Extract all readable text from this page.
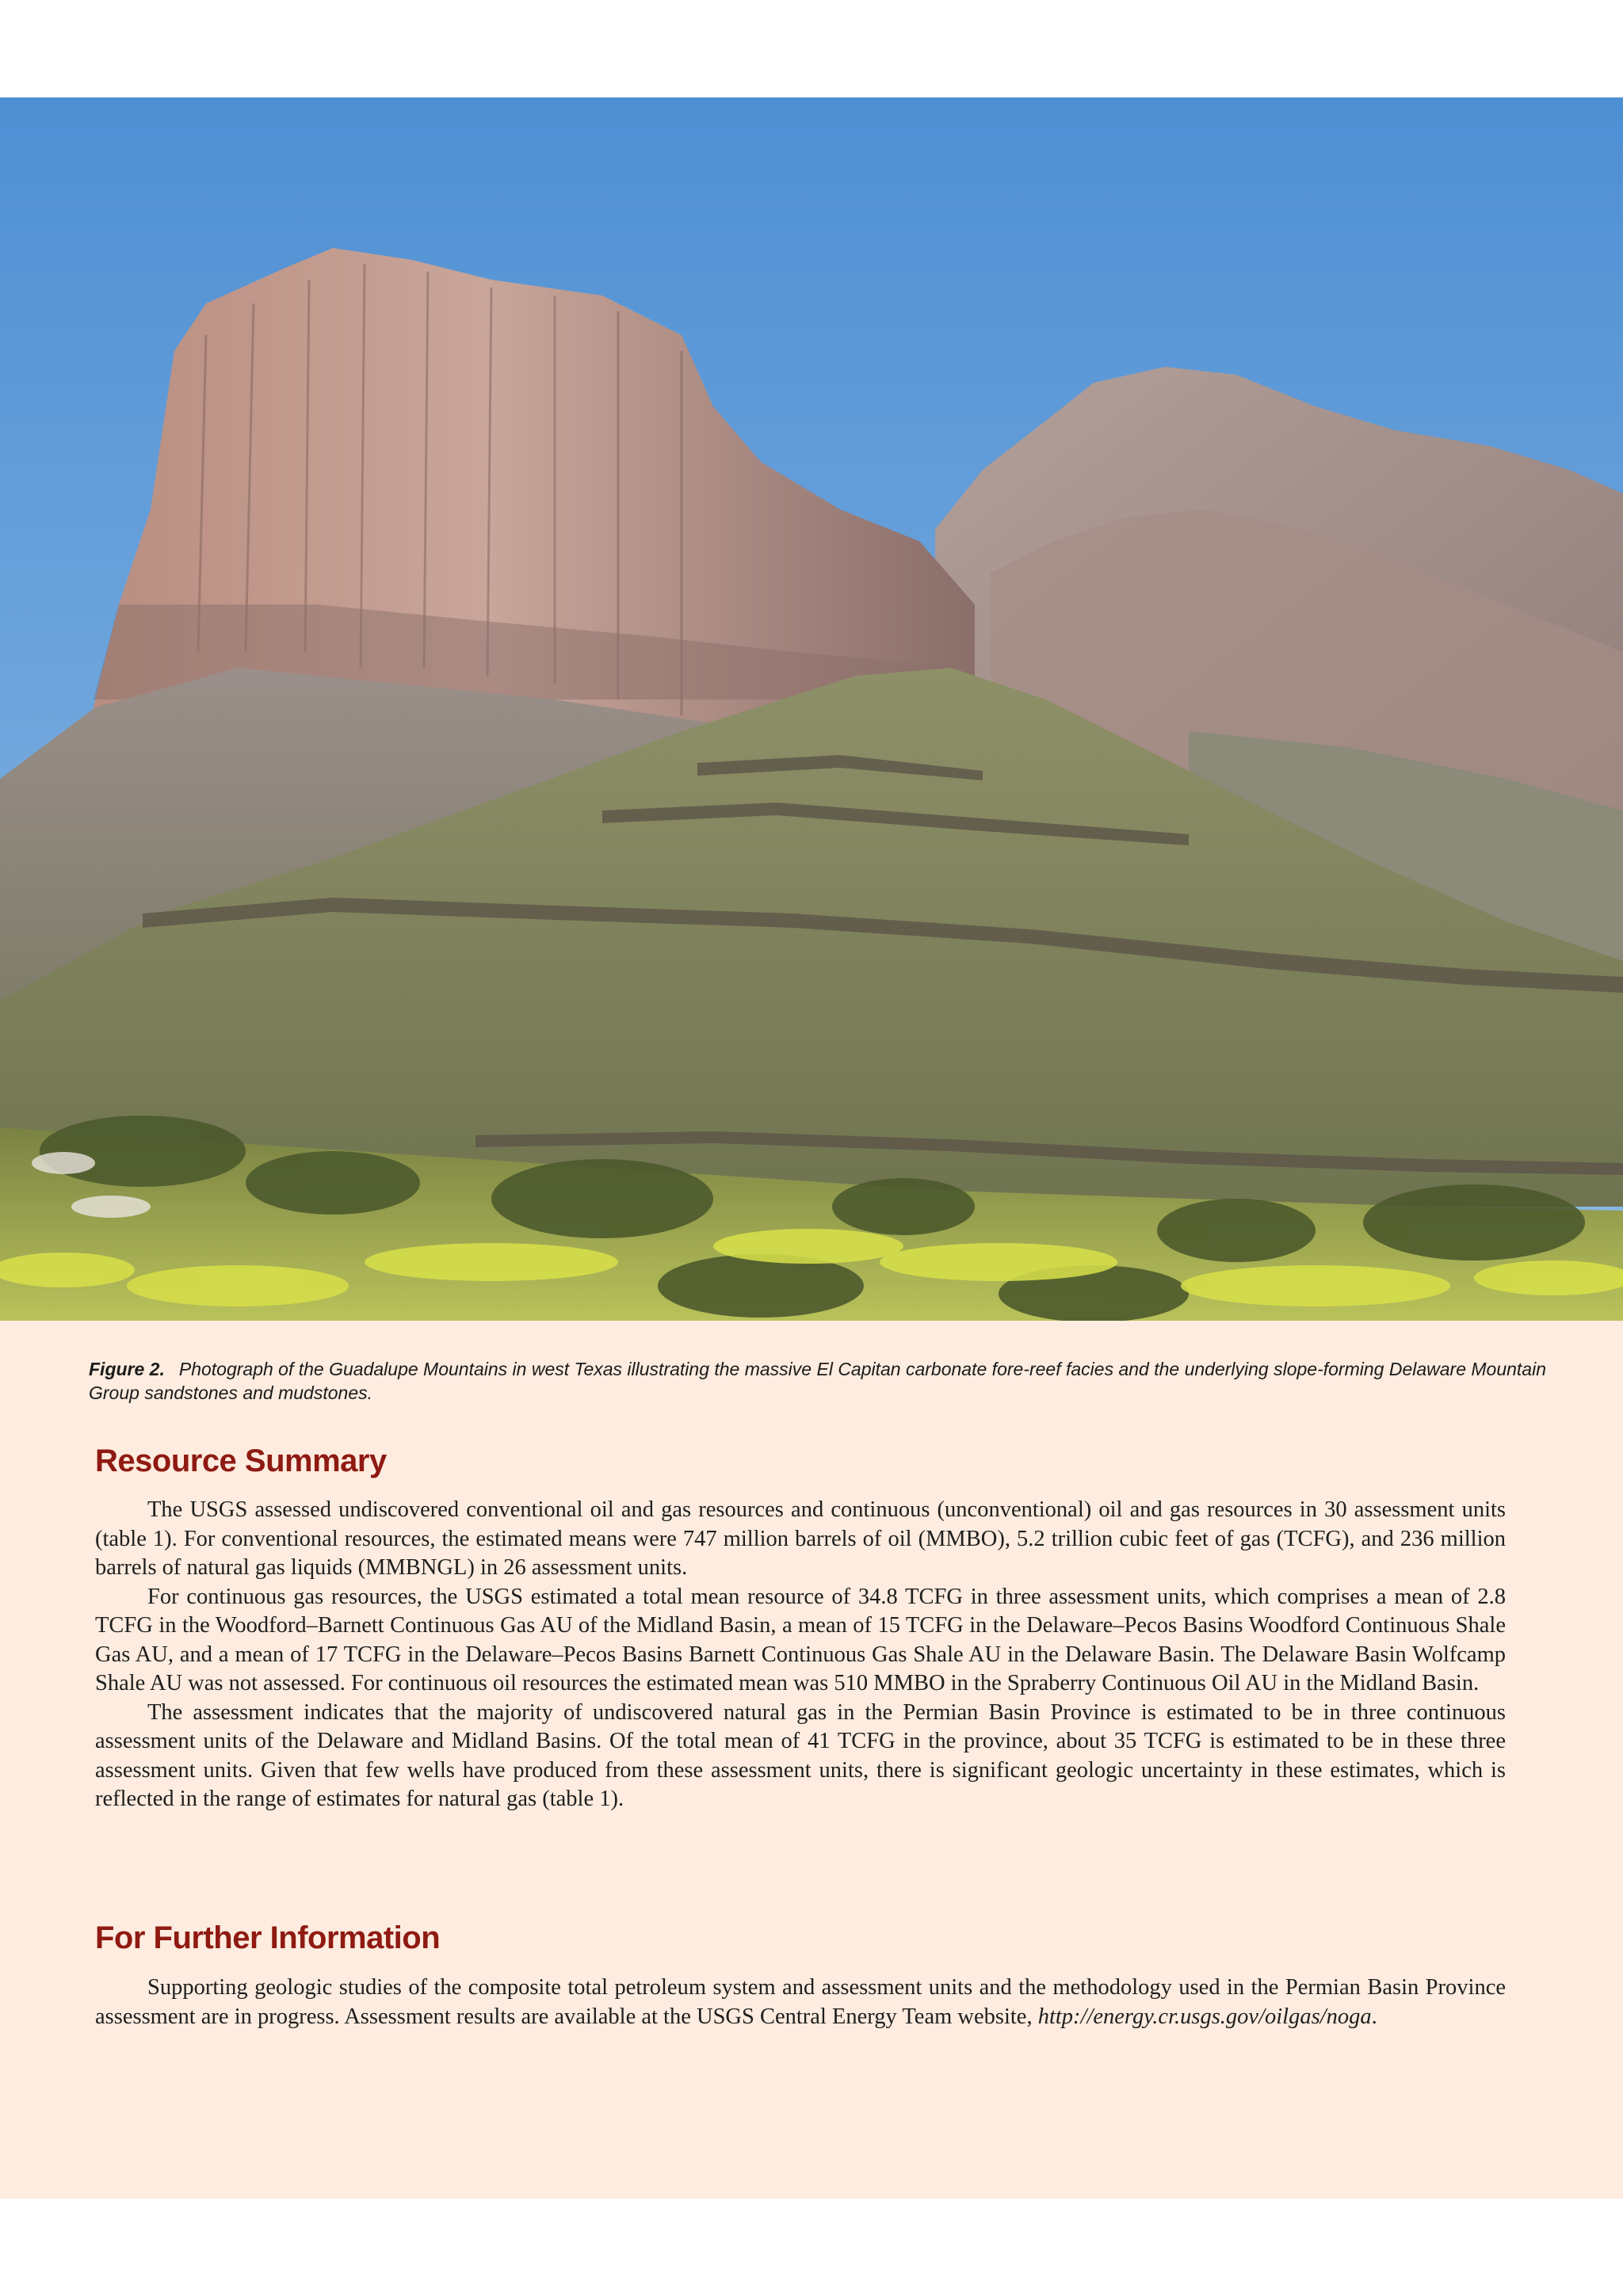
Figure 2. Photograph of the Guadalupe Mountains in west Texas illustrating the massive El Capitan carbonate fore-reef facies and the underlying slope-forming Delaware Mountain Group sandstones and mudstones.

Resource Summary

The USGS assessed undiscovered conventional oil and gas resources and continuous (unconventional) oil and gas resources in 30 assessment units (table 1). For conventional resources, the estimated means were 747 million barrels of oil (MMBO), 5.2 trillion cubic feet of gas (TCFG), and 236 million barrels of natural gas liquids (MMBNGL) in 26 assessment units.

For continuous gas resources, the USGS estimated a total mean resource of 34.8 TCFG in three assessment units, which comprises a mean of 2.8 TCFG in the Woodford–Barnett Continuous Gas AU of the Midland Basin, a mean of 15 TCFG in the Delaware–Pecos Basins Woodford Continuous Shale Gas AU, and a mean of 17 TCFG in the Delaware–Pecos Basins Barnett Continuous Gas Shale AU in the Delaware Basin. The Delaware Basin Wolfcamp Shale AU was not assessed. For continuous oil resources the estimated mean was 510 MMBO in the Spraberry Continuous Oil AU in the Midland Basin.

The assessment indicates that the majority of undiscovered natural gas in the Permian Basin Province is estimated to be in three continuous assessment units of the Delaware and Midland Basins. Of the total mean of 41 TCFG in the province, about 35 TCFG is estimated to be in these three assessment units. Given that few wells have produced from these assessment units, there is significant geologic uncertainty in these estimates, which is reflected in the range of estimates for natural gas (table 1).

For Further Information

Supporting geologic studies of the composite total petroleum system and assessment units and the methodology used in the Permian Basin Province assessment are in progress. Assessment results are available at the USGS Central Energy Team website, http://energy.cr.usgs.gov/oilgas/noga.
